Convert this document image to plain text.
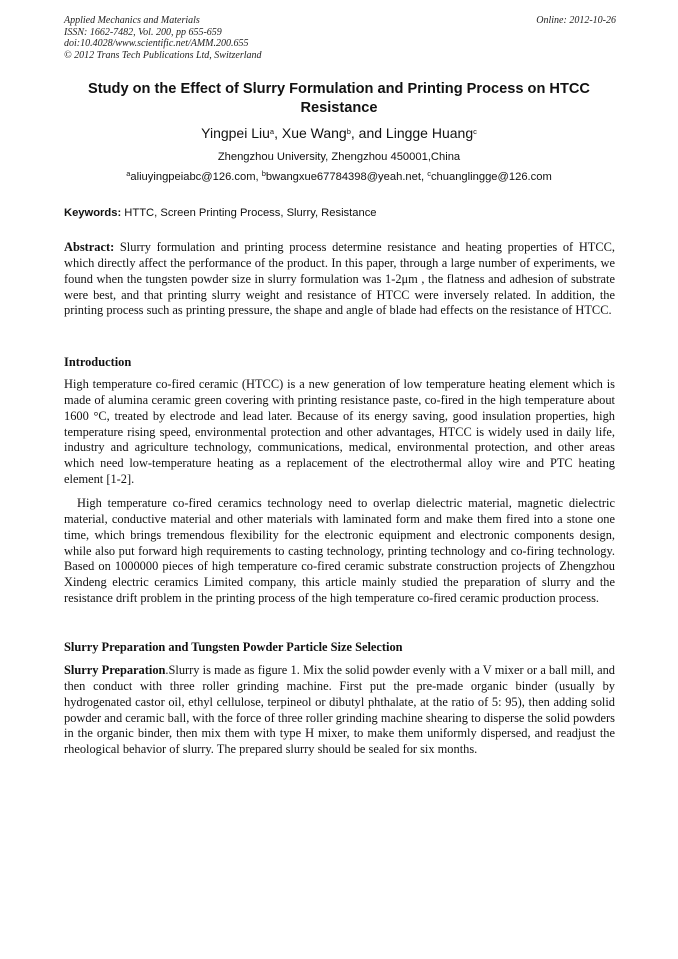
Applied Mechanics and Materials
ISSN: 1662-7482, Vol. 200, pp 655-659
doi:10.4028/www.scientific.net/AMM.200.655
© 2012 Trans Tech Publications Ltd, Switzerland
Online: 2012-10-26
Study on the Effect of Slurry Formulation and Printing Process on HTCC Resistance
Yingpei Liu$^a$, Xue Wang$^b$, and Lingge Huang$^c$
Zhengzhou University, Zhengzhou 450001,China
$^a$aliuyingpeiabc@126.com, $^b$bwangxue67784398@yeah.net, $^c$chuanglingge@126.com
Keywords: HTTC, Screen Printing Process, Slurry, Resistance
Abstract: Slurry formulation and printing process determine resistance and heating properties of HTCC, which directly affect the performance of the product. In this paper, through a large number of experiments, we found when the tungsten powder size in slurry formulation was 1-2μm , the flatness and adhesion of substrate were best, and that printing slurry weight and resistance of HTCC were inversely related. In addition, the printing process such as printing pressure, the shape and angle of blade had effects on the resistance of HTCC.
Introduction
High temperature co-fired ceramic (HTCC) is a new generation of low temperature heating element which is made of alumina ceramic green covering with printing resistance paste, co-fired in the high temperature about 1600 °C, treated by electrode and lead later. Because of its energy saving, good insulation properties, high temperature rising speed, environmental protection and other advantages, HTCC is widely used in daily life, industry and agriculture technology, communications, medical, environmental protection, and other areas which need low-temperature heating as a replacement of the electrothermal alloy wire and PTC heating element [1-2].
High temperature co-fired ceramics technology need to overlap dielectric material, magnetic dielectric material, conductive material and other materials with laminated form and make them fired into a stone one time, which brings tremendous flexibility for the electronic equipment and electronic components design, while also put forward high requirements to casting technology, printing technology and co-firing technology. Based on 1000000 pieces of high temperature co-fired ceramic substrate construction projects of Zhengzhou Xindeng electric ceramics Limited company, this article mainly studied the preparation of slurry and the resistance drift problem in the printing process of the high temperature co-fired ceramic production process.
Slurry Preparation and Tungsten Powder Particle Size Selection
Slurry Preparation.Slurry is made as figure 1. Mix the solid powder evenly with a V mixer or a ball mill, and then conduct with three roller grinding machine. First put the pre-made organic binder (usually by hydrogenated castor oil, ethyl cellulose, terpineol or dibutyl phthalate, at the ratio of 5: 95), then adding solid powder and ceramic ball, with the force of three roller grinding machine shearing to disperse the solid powders in the organic binder, then mix them with type H mixer, to make them uniformly dispersed, and readjust the rheological behavior of slurry. The prepared slurry should be sealed for six months.
